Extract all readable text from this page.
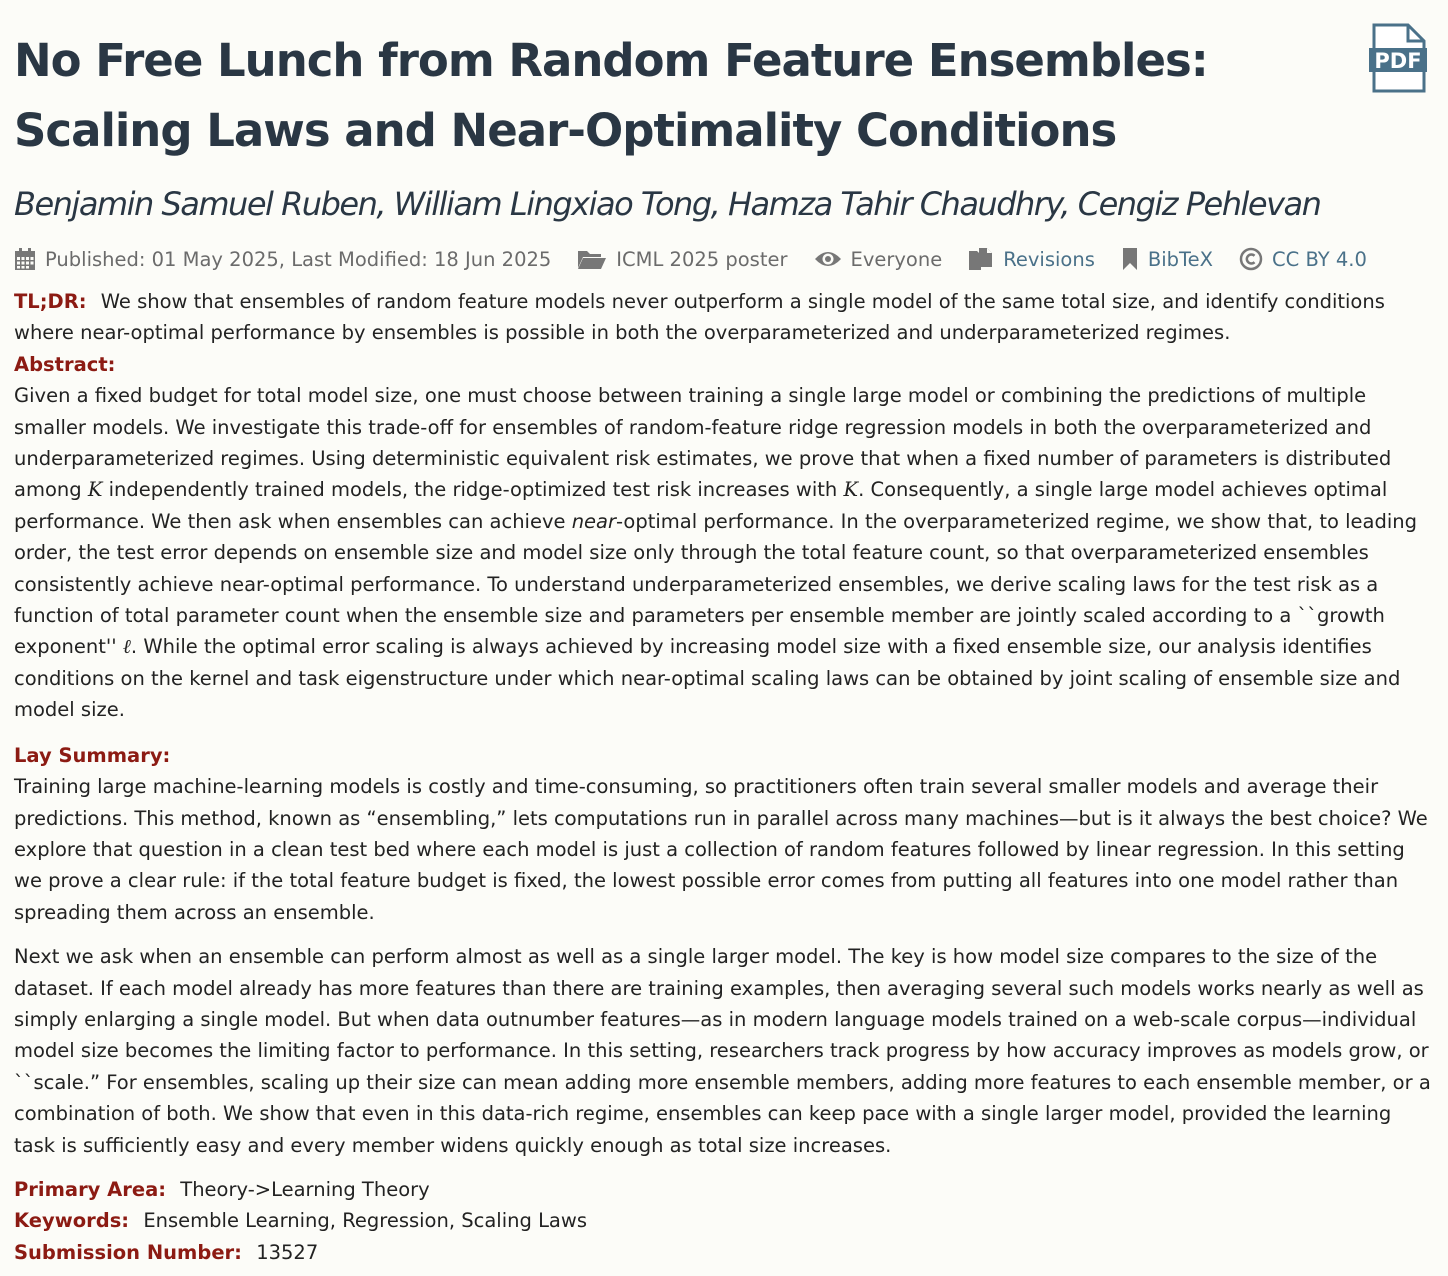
No Free Lunch from Random Feature Ensembles: Scaling Laws and Near-Optimality Conditions
PDF
Benjamin Samuel Ruben, William Lingxiao Tong, Hamza Tahir Chaudhry, Cengiz Pehlevan
Published: 01 May 2025, Last Modified: 18 Jun 2025	ICML 2025 poster	Everyone	Revisions	BibTeX	CC BY 4.0
TL;DR: We show that ensembles of random feature models never outperform a single model of the same total size, and identify conditions where near-optimal performance by ensembles is possible in both the overparameterized and underparameterized regimes.
Abstract:

Given a fixed budget for total model size, one must choose between training a single large model or combining the predictions of multiple smaller models. We investigate this trade-off for ensembles of random-feature ridge regression models in both the overparameterized and underparameterized regimes. Using deterministic equivalent risk estimates, we prove that when a fixed number of parameters is distributed among K independently trained models, the ridge-optimized test risk increases with K. Consequently, a single large model achieves optimal performance. We then ask when ensembles can achieve near-optimal performance. In the overparameterized regime, we show that, to leading order, the test error depends on ensemble size and model size only through the total feature count, so that overparameterized ensembles consistently achieve near-optimal performance. To understand underparameterized ensembles, we derive scaling laws for the test risk as a function of total parameter count when the ensemble size and parameters per ensemble member are jointly scaled according to a ``growth exponent'' ℓ. While the optimal error scaling is always achieved by increasing model size with a fixed ensemble size, our analysis identifies conditions on the kernel and task eigenstructure under which near-optimal scaling laws can be obtained by joint scaling of ensemble size and model size.

Lay Summary:

Training large machine-learning models is costly and time-consuming, so practitioners often train several smaller models and average their predictions. This method, known as “ensembling,” lets computations run in parallel across many machines—but is it always the best choice? We explore that question in a clean test bed where each model is just a collection of random features followed by linear regression. In this setting we prove a clear rule: if the total feature budget is fixed, the lowest possible error comes from putting all features into one model rather than spreading them across an ensemble.

Next we ask when an ensemble can perform almost as well as a single larger model. The key is how model size compares to the size of the dataset. If each model already has more features than there are training examples, then averaging several such models works nearly as well as simply enlarging a single model. But when data outnumber features—as in modern language models trained on a web-scale corpus—individual model size becomes the limiting factor to performance. In this setting, researchers track progress by how accuracy improves as models grow, or ``scale.” For ensembles, scaling up their size can mean adding more ensemble members, adding more features to each ensemble member, or a combination of both. We show that even in this data-rich regime, ensembles can keep pace with a single larger model, provided the learning task is sufficiently easy and every member widens quickly enough as total size increases.

Primary Area: Theory->Learning Theory
Keywords: Ensemble Learning, Regression, Scaling Laws
Submission Number: 13527
